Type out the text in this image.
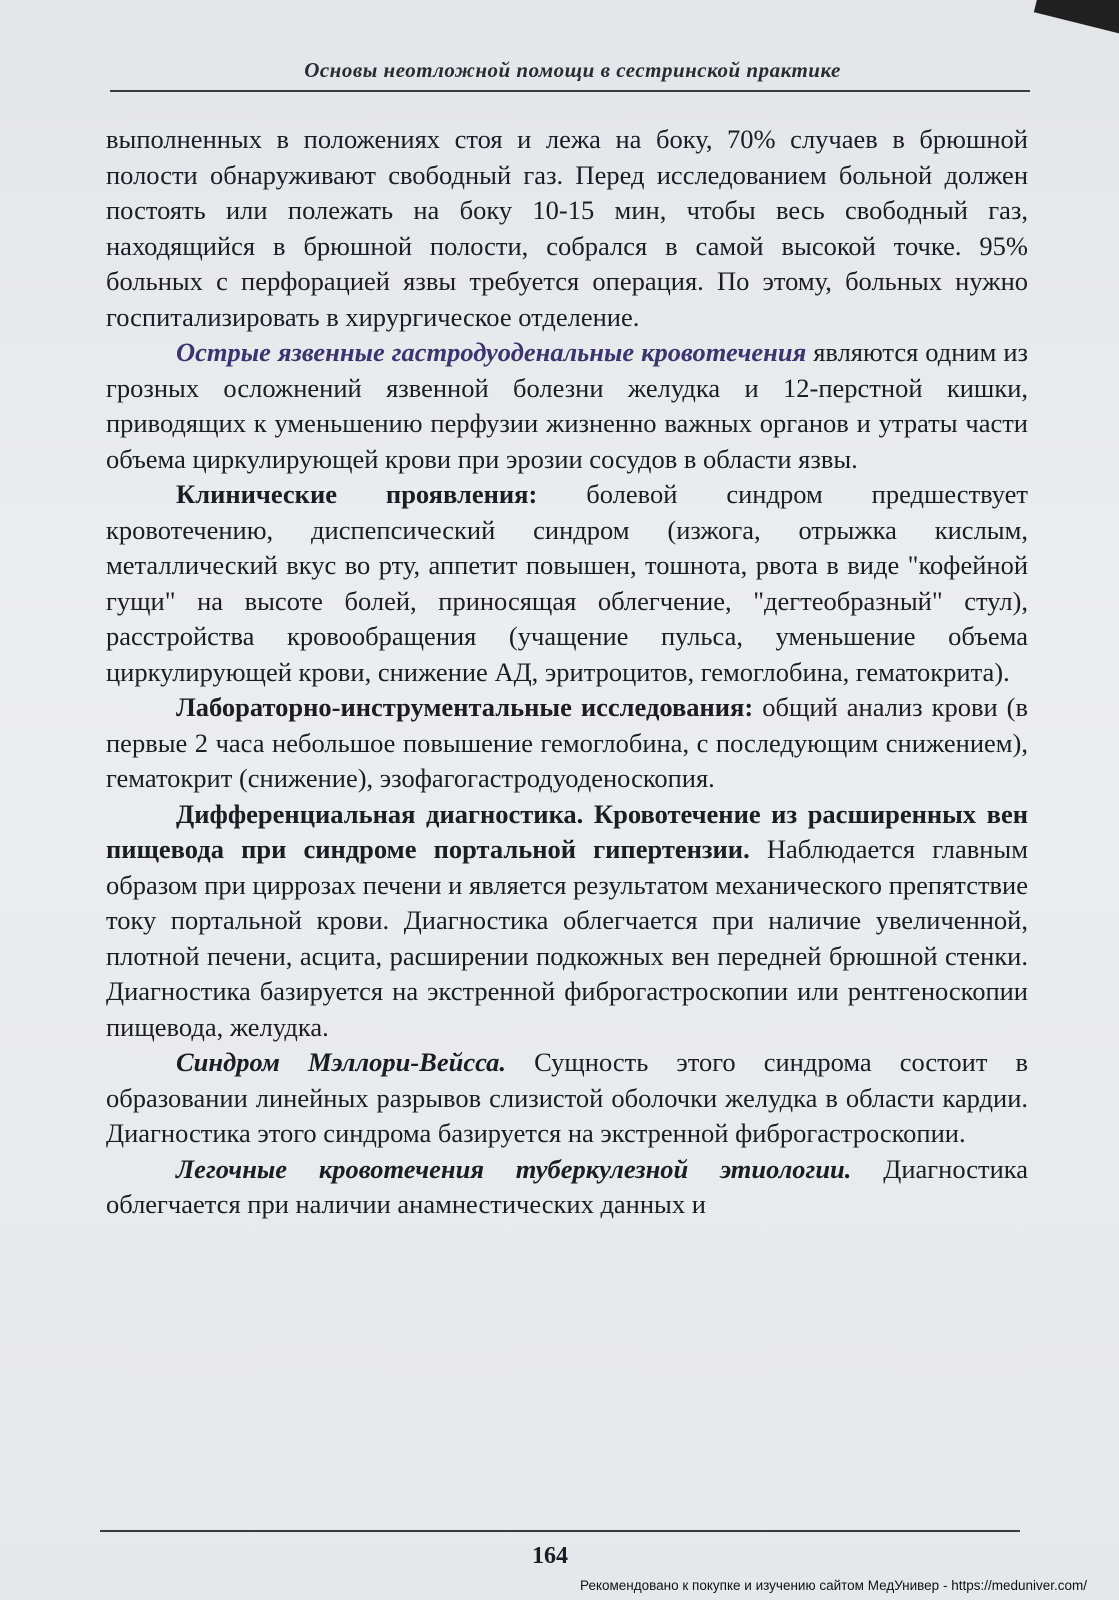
Основы неотложной помощи в сестринской практике

выполненных в положениях стоя и лежа на боку, 70% случаев в брюшной полости обнаруживают свободный газ. Перед исследованием больной должен постоять или полежать на боку 10-15 мин, чтобы весь свободный газ, находящийся в брюшной полости, собрался в самой высокой точке. 95% больных с перфорацией язвы требуется операция. По этому, больных нужно госпитализировать в хирургическое отделение.

Острые язвенные гастродуоденальные кровотечения являются одним из грозных осложнений язвенной болезни желудка и 12-перстной кишки, приводящих к уменьшению перфузии жизненно важных органов и утраты части объема циркулирующей крови при эрозии сосудов в области язвы.

Клинические проявления: болевой синдром предшествует кровотечению, диспепсический синдром (изжога, отрыжка кислым, металлический вкус во рту, аппетит повышен, тошнота, рвота в виде "кофейной гущи" на высоте болей, приносящая облегчение, "дегтеобразный" стул), расстройства кровообращения (учащение пульса, уменьшение объема циркулирующей крови, снижение АД, эритроцитов, гемоглобина, гематокрита).

Лабораторно-инструментальные исследования: общий анализ крови (в первые 2 часа небольшое повышение гемоглобина, с последующим снижением), гематокрит (снижение), эзофагогастродуоденоскопия.

Дифференциальная диагностика. Кровотечение из расширенных вен пищевода при синдроме портальной гипертензии. Наблюдается главным образом при циррозах печени и является результатом механического препятствие току портальной крови. Диагностика облегчается при наличие увеличенной, плотной печени, асцита, расширении подкожных вен передней брюшной стенки. Диагностика базируется на экстренной фиброгастроскопии или рентгеноскопии пищевода, желудка.

Синдром Мэллори-Вейсса. Сущность этого синдрома состоит в образовании линейных разрывов слизистой оболочки желудка в области кардии. Диагностика этого синдрома базируется на экстренной фиброгастроскопии.

Легочные кровотечения туберкулезной этиологии. Диагностика облегчается при наличии анамнестических данных и

164
Рекомендовано к покупке и изучению сайтом МедУнивер - https://meduniver.com/
